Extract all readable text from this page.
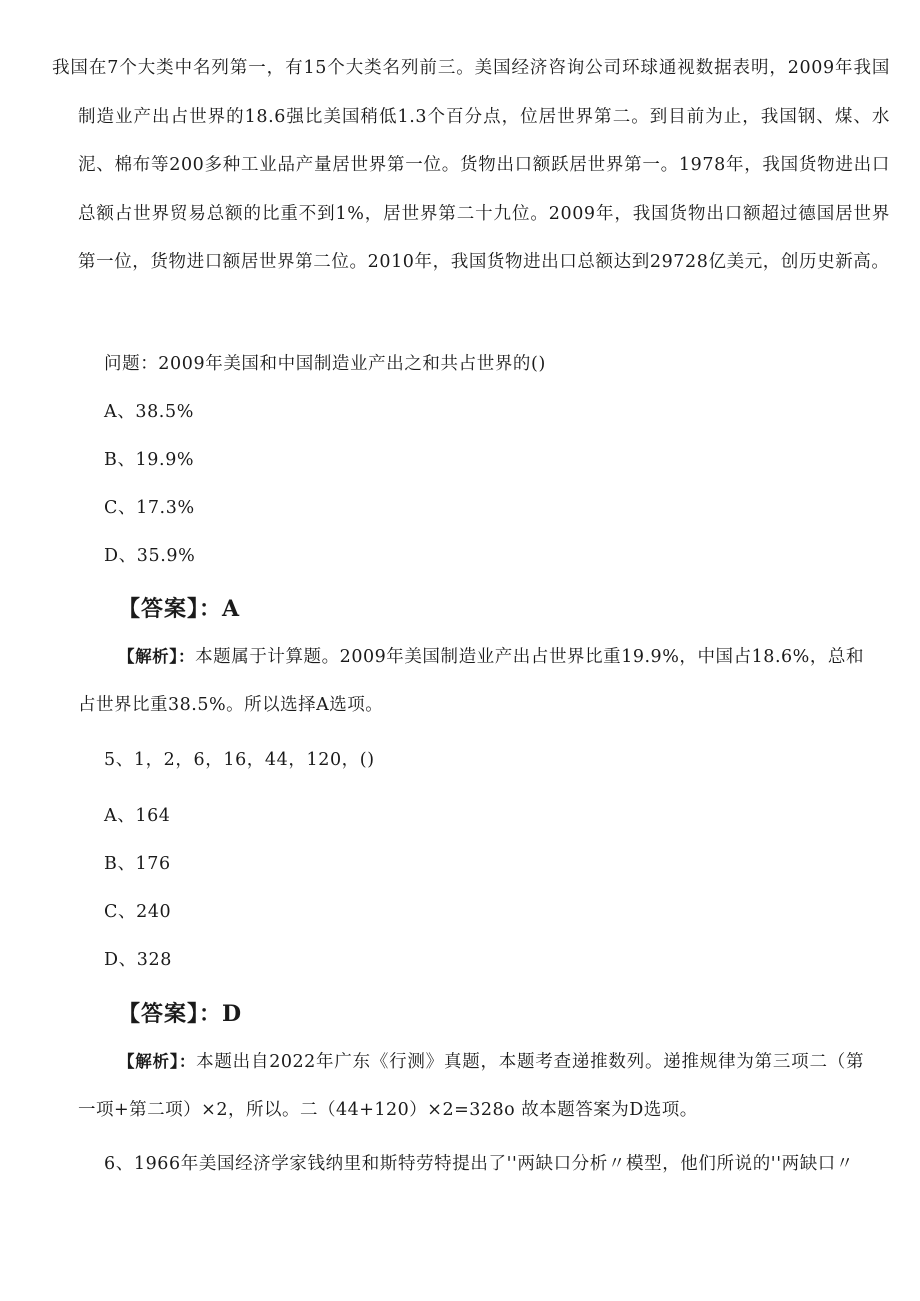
我国在7个大类中名列第一，有15个大类名列前三。美国经济咨询公司环球通视数据表明，2009年我国制造业产出占世界的18.6强比美国稍低1.3个百分点，位居世界第二。到目前为止，我国钢、煤、水泥、棉布等200多种工业品产量居世界第一位。货物出口额跃居世界第一。1978年，我国货物进出口总额占世界贸易总额的比重不到1%，居世界第二十九位。2009年，我国货物出口额超过德国居世界第一位，货物进口额居世界第二位。2010年，我国货物进出口总额达到29728亿美元，创历史新高。
问题：2009年美国和中国制造业产出之和共占世界的()
A、38.5%
B、19.9%
C、17.3%
D、35.9%
【答案】：A
【解析】：本题属于计算题。2009年美国制造业产出占世界比重19.9%，中国占18.6%，总和占世界比重38.5%。所以选择A选项。
5、1，2，6，16，44，120，()
A、164
B、176
C、240
D、328
【答案】：D
【解析】：本题出自2022年广东《行测》真题，本题考查递推数列。递推规律为第三项二（第一项+第二项）×2，所以。二（44+120）×2=328o 故本题答案为D选项。
6、1966年美国经济学家钱纳里和斯特劳特提出了''两缺口分析〃模型，他们所说的''两缺口〃
